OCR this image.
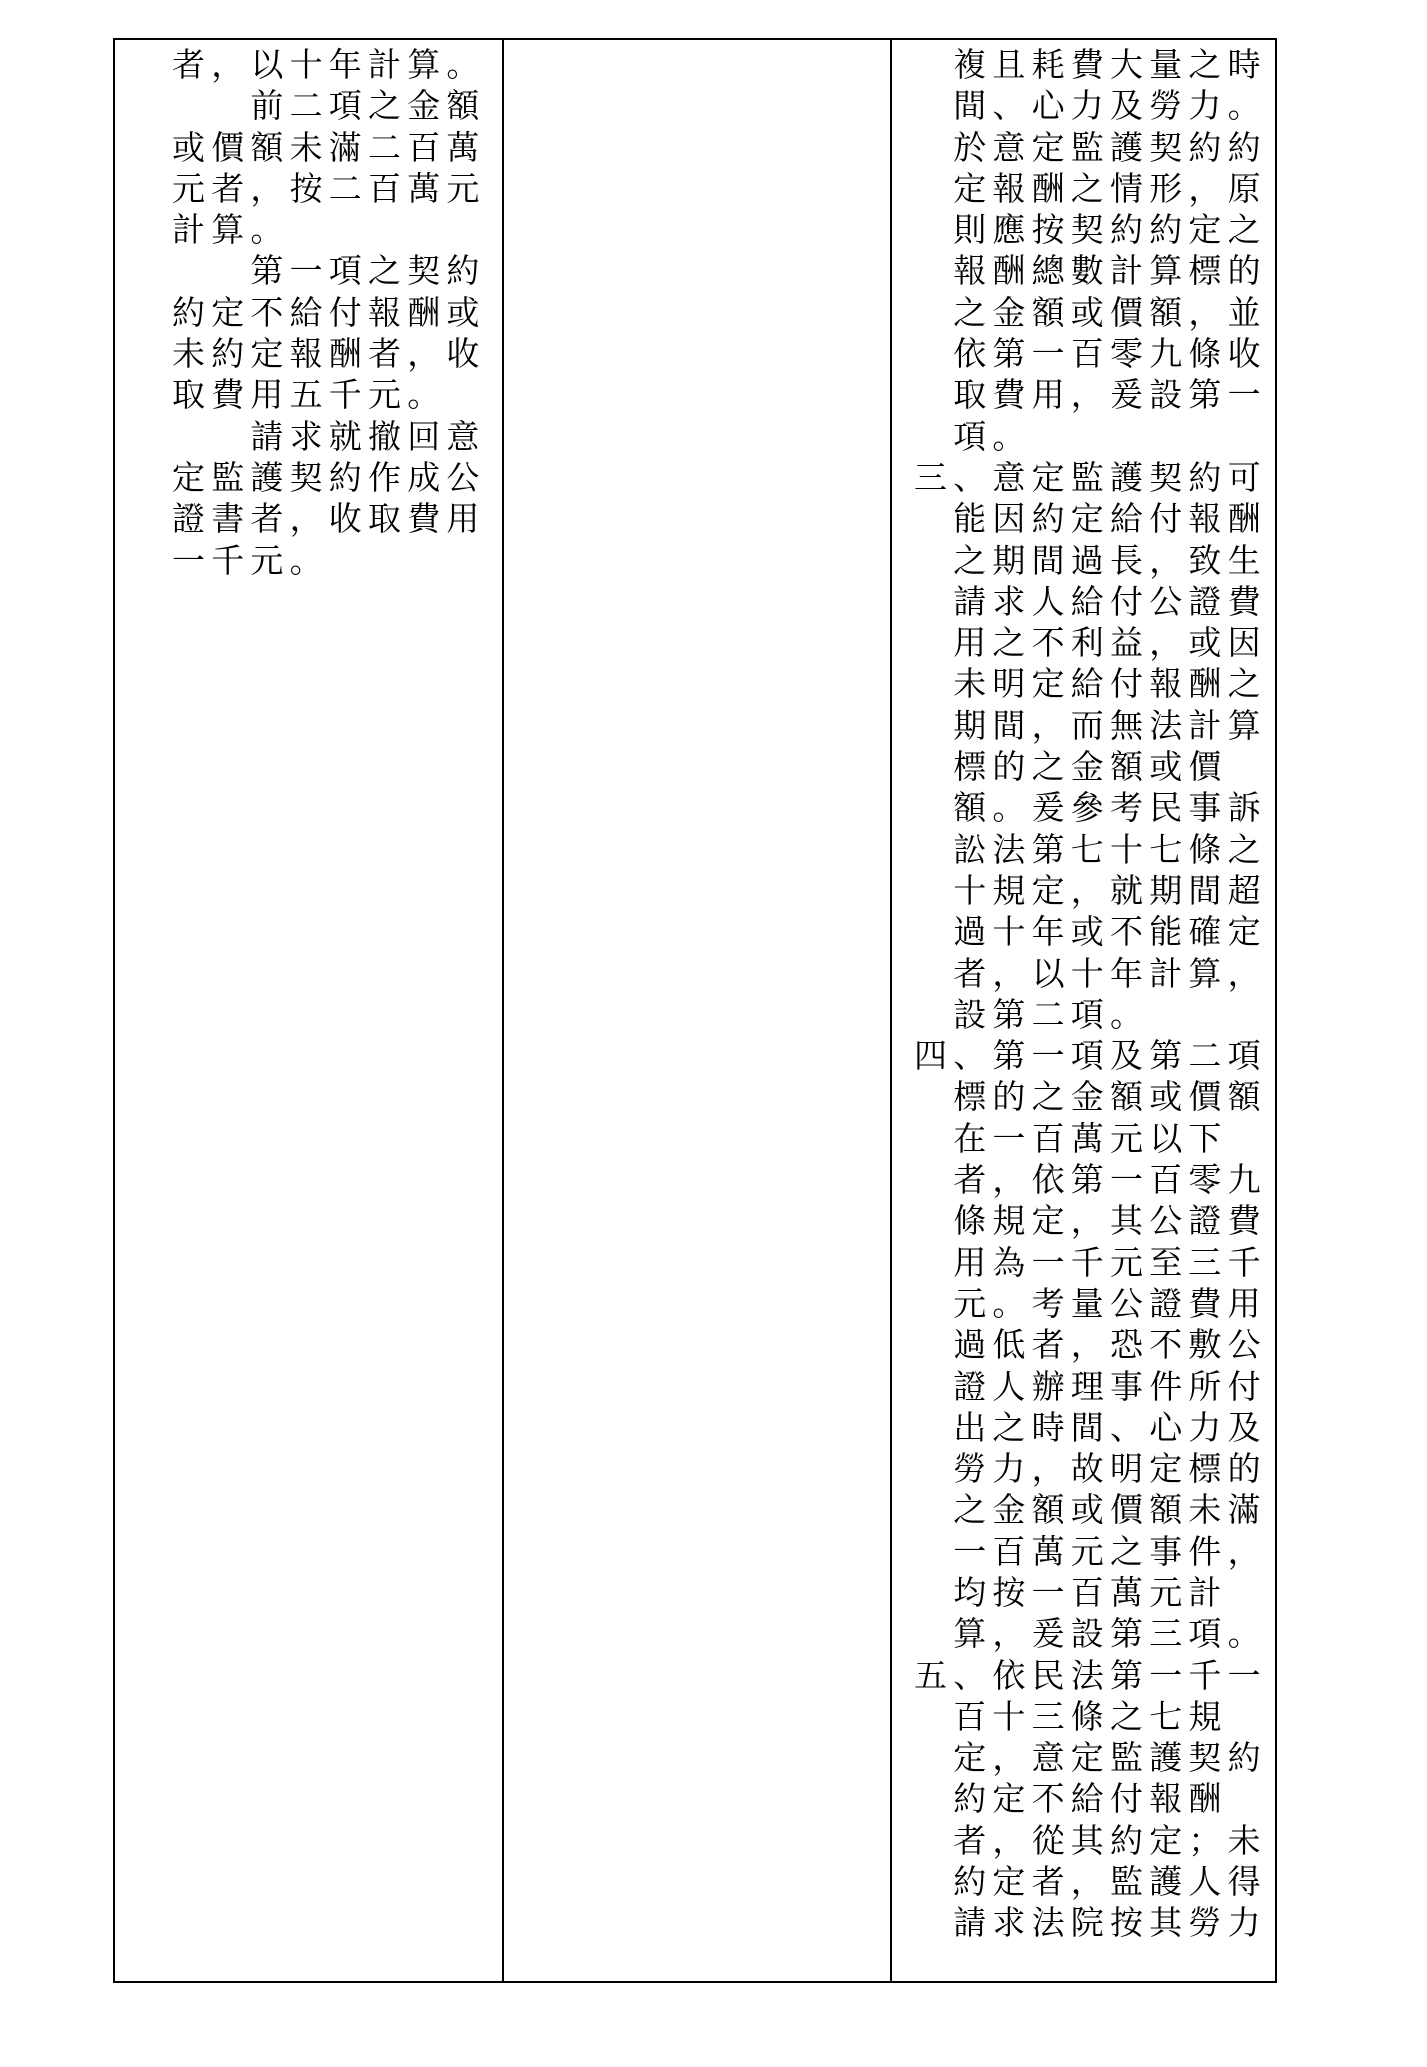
者，以十年計算。
　　前二項之金額
或價額未滿二百萬
元者，按二百萬元
計算。
　　第一項之契約
約定不給付報酬或
未約定報酬者，收
取費用五千元。
　　請求就撤回意
定監護契約作成公
證書者，收取費用
一千元。
　複且耗費大量之時
　間、心力及勞力。
　於意定監護契約約
　定報酬之情形，原
　則應按契約約定之
　報酬總數計算標的
　之金額或價額，並
　依第一百零九條收
　取費用，爰設第一
　項。
三、意定監護契約可
　能因約定給付報酬
　之期間過長，致生
　請求人給付公證費
　用之不利益，或因
　未明定給付報酬之
　期間，而無法計算
　標的之金額或價
　額。爰參考民事訴
　訟法第七十七條之
　十規定，就期間超
　過十年或不能確定
　者，以十年計算，
　設第二項。
四、第一項及第二項
　標的之金額或價額
　在一百萬元以下
　者，依第一百零九
　條規定，其公證費
　用為一千元至三千
　元。考量公證費用
　過低者，恐不敷公
　證人辦理事件所付
　出之時間、心力及
　勞力，故明定標的
　之金額或價額未滿
　一百萬元之事件，
　均按一百萬元計
　算，爰設第三項。
五、依民法第一千一
　百十三條之七規
　定，意定監護契約
　約定不給付報酬
　者，從其約定；未
　約定者，監護人得
　請求法院按其勞力
